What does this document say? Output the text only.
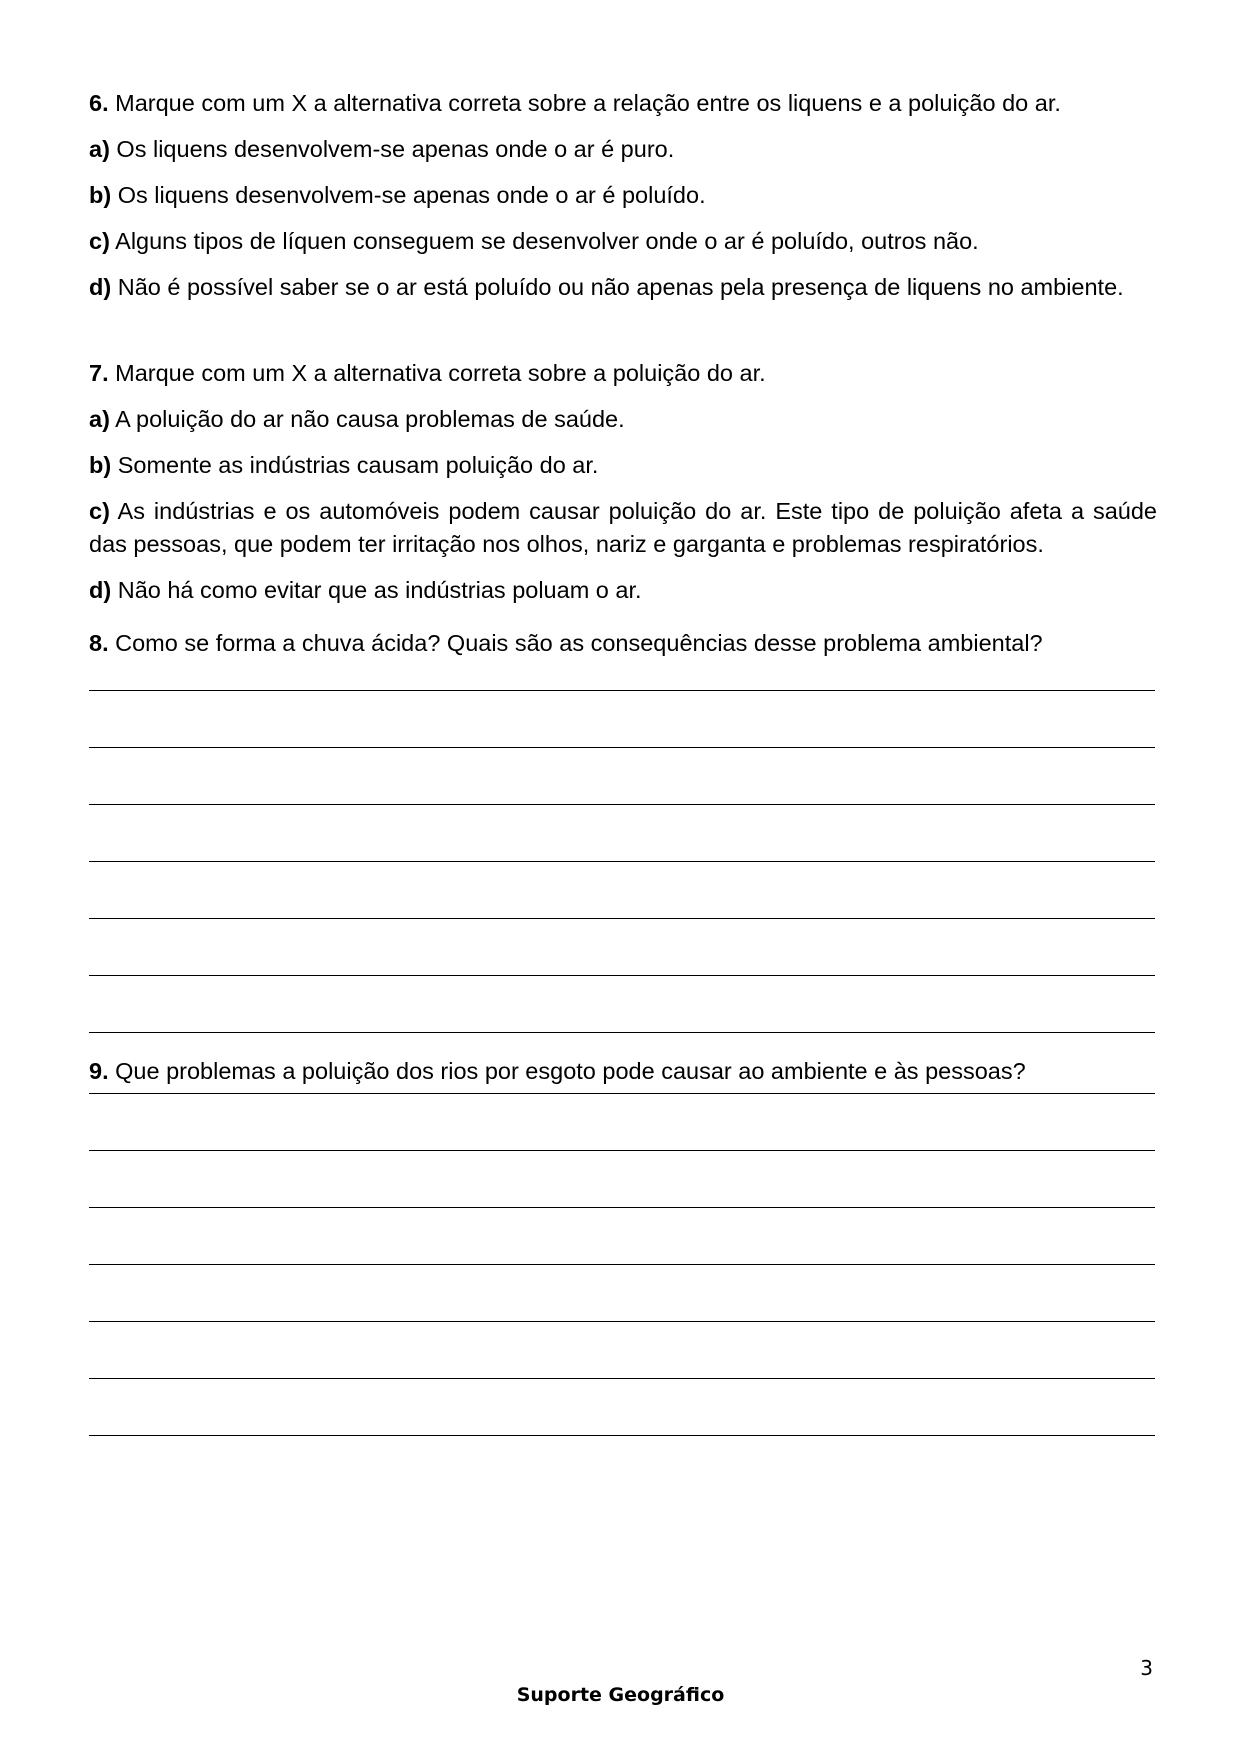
6. Marque com um X a alternativa correta sobre a relação entre os liquens e a poluição do ar.

a) Os liquens desenvolvem-se apenas onde o ar é puro.

b) Os liquens desenvolvem-se apenas onde o ar é poluído.

c) Alguns tipos de líquen conseguem se desenvolver onde o ar é poluído, outros não.

d) Não é possível saber se o ar está poluído ou não apenas pela presença de liquens no ambiente.

7. Marque com um X a alternativa correta sobre a poluição do ar.

a) A poluição do ar não causa problemas de saúde.

b) Somente as indústrias causam poluição do ar.

c) As indústrias e os automóveis podem causar poluição do ar. Este tipo de poluição afeta a saúde das pessoas, que podem ter irritação nos olhos, nariz e garganta e problemas respiratórios.

d) Não há como evitar que as indústrias poluam o ar.

8. Como se forma a chuva ácida? Quais são as consequências desse problema ambiental?

9. Que problemas a poluição dos rios por esgoto pode causar ao ambiente e às pessoas?

3
Suporte Geográfico
